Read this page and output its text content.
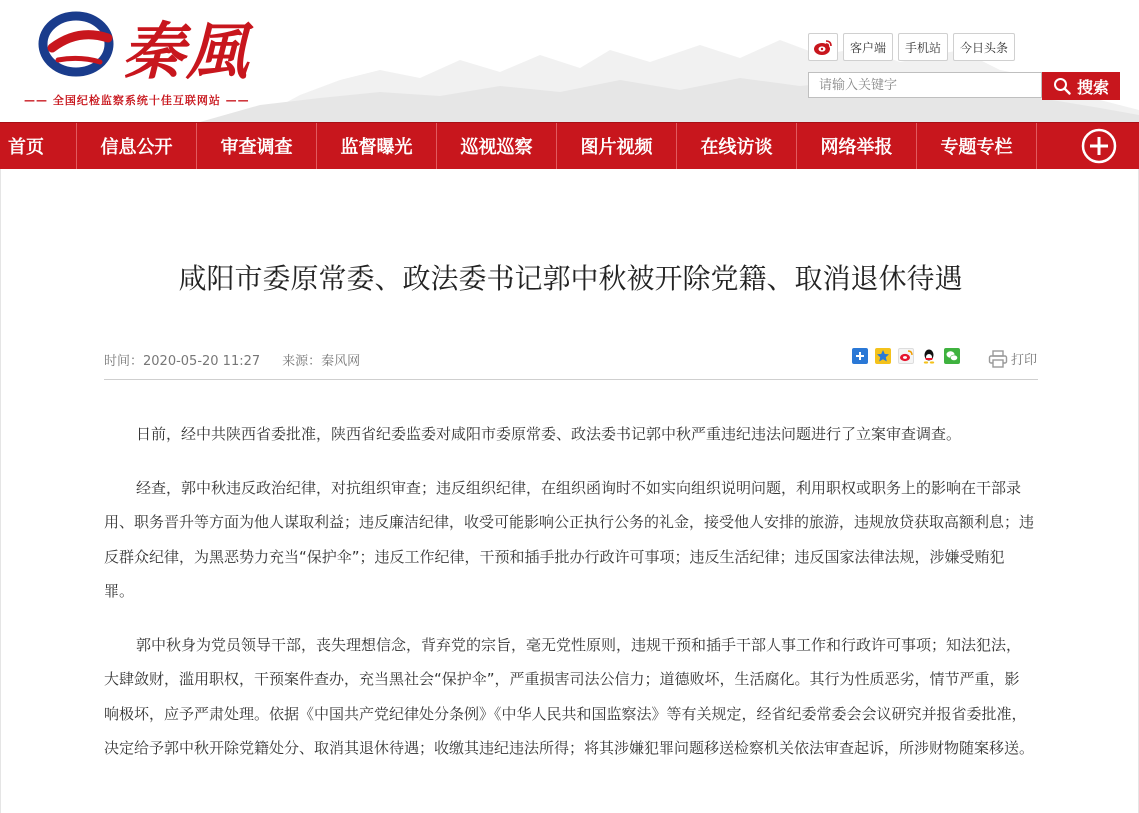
秦風
—— 全国纪检监察系统十佳互联网站 ——
客户端	手机站	今日头条
请输入关键字
搜索
首页	信息公开	审查调查	监督曝光	巡视巡察	图片视频	在线访谈	网络举报	专题专栏
咸阳市委原常委、政法委书记郭中秋被开除党籍、取消退休待遇
时间：2020-05-20 11:27 来源：秦风网	打印

日前，经中共陕西省委批准，陕西省纪委监委对咸阳市委原常委、政法委书记郭中秋严重违纪违法问题进行了立案审查调查。

经查，郭中秋违反政治纪律，对抗组织审查；违反组织纪律，在组织函询时不如实向组织说明问题，利用职权或职务上的影响在干部录用、职务晋升等方面为他人谋取利益；违反廉洁纪律，收受可能影响公正执行公务的礼金，接受他人安排的旅游，违规放贷获取高额利息；违反群众纪律，为黑恶势力充当“保护伞”；违反工作纪律，干预和插手批办行政许可事项；违反生活纪律；违反国家法律法规，涉嫌受贿犯罪。

郭中秋身为党员领导干部，丧失理想信念，背弃党的宗旨，毫无党性原则，违规干预和插手干部人事工作和行政许可事项；知法犯法，大肆敛财，滥用职权，干预案件查办，充当黑社会“保护伞”，严重损害司法公信力；道德败坏，生活腐化。其行为性质恶劣，情节严重，影响极坏，应予严肃处理。依据《中国共产党纪律处分条例》《中华人民共和国监察法》等有关规定，经省纪委常委会会议研究并报省委批准，决定给予郭中秋开除党籍处分、取消其退休待遇；收缴其违纪违法所得；将其涉嫌犯罪问题移送检察机关依法审查起诉，所涉财物随案移送。
